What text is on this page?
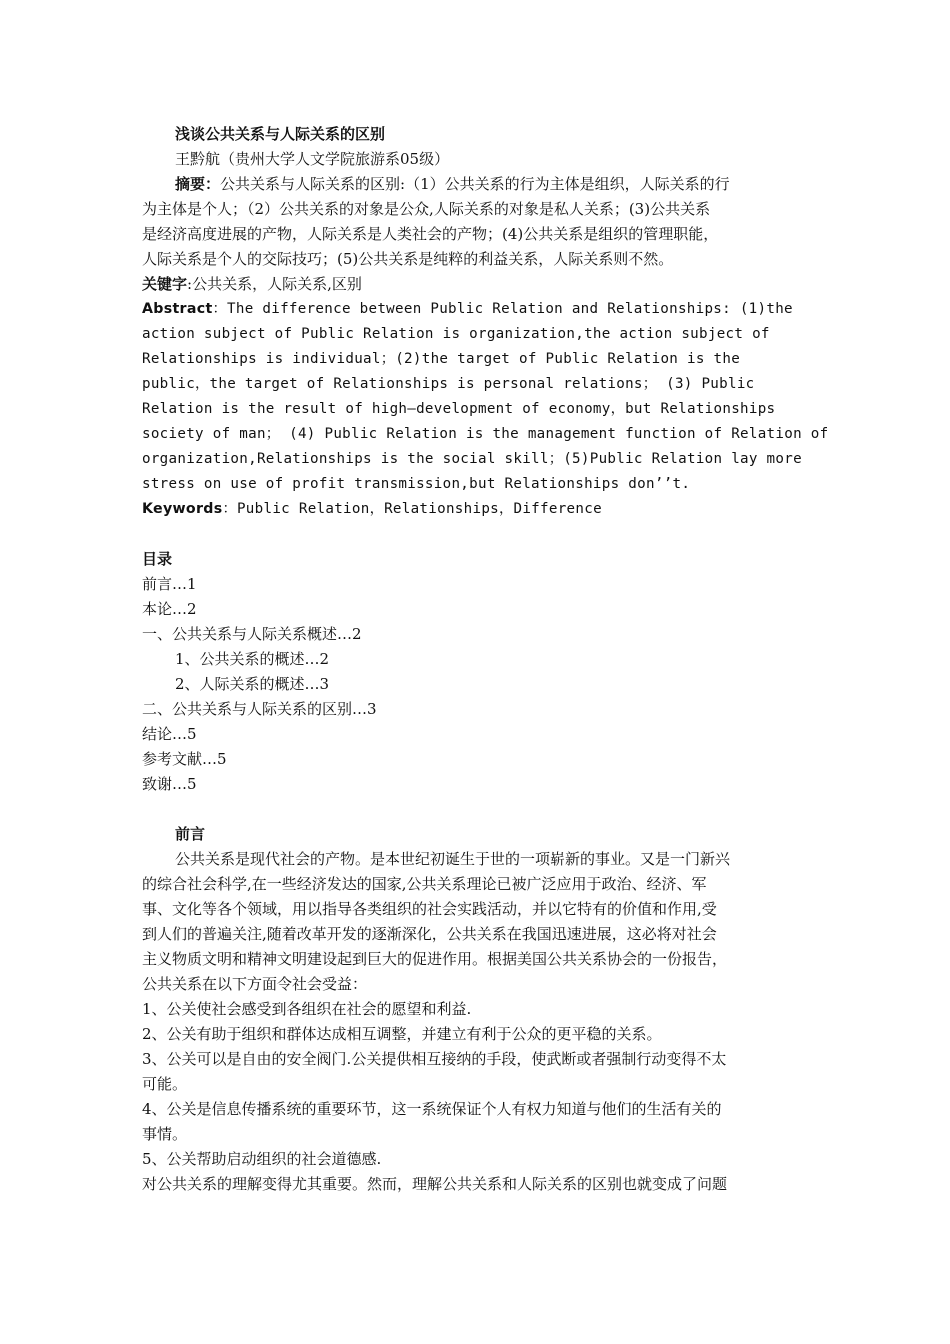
浅谈公共关系与人际关系的区别
王黔航（贵州大学人文学院旅游系05级）
摘要：公共关系与人际关系的区别:（1）公共关系的行为主体是组织，人际关系的行
为主体是个人；（2）公共关系的对象是公众,人际关系的对象是私人关系；(3)公共关系
是经济高度进展的产物，人际关系是人类社会的产物；(4)公共关系是组织的管理职能，
人际关系是个人的交际技巧；(5)公共关系是纯粹的利益关系，人际关系则不然。
关键字:公共关系，人际关系,区别
Abstract：The difference between Public Relation and Relationships: (1)the
action subject of Public Relation is organization,the action subject of
Relationships is individual；(2)the target of Public Relation is the
public，the target of Relationships is personal relations； (3) Public
Relation is the result of high—development of economy，but Relationships
society of man； (4) Public Relation is the management function of Relation of
organization,Relationships is the social skill；(5)Public Relation lay more
stress on use of profit transmission,but Relationships don’’t.
Keywords：Public Relation，Relationships，Difference
目录
前言…1
本论…2
一、公共关系与人际关系概述…2
1、公共关系的概述…2
2、人际关系的概述…3
二、公共关系与人际关系的区别…3
结论…5
参考文献…5
致谢…5
前言
公共关系是现代社会的产物。是本世纪初诞生于世的一项崭新的事业。又是一门新兴
的综合社会科学,在一些经济发达的国家,公共关系理论已被广泛应用于政治、经济、军
事、文化等各个领域，用以指导各类组织的社会实践活动，并以它特有的价值和作用,受
到人们的普遍关注,随着改革开发的逐渐深化，公共关系在我国迅速进展，这必将对社会
主义物质文明和精神文明建设起到巨大的促进作用。根据美国公共关系协会的一份报告，
公共关系在以下方面令社会受益：
1、公关使社会感受到各组织在社会的愿望和利益.
2、公关有助于组织和群体达成相互调整，并建立有利于公众的更平稳的关系。
3、公关可以是自由的安全阀门.公关提供相互接纳的手段，使武断或者强制行动变得不太
可能。
4、公关是信息传播系统的重要环节，这一系统保证个人有权力知道与他们的生活有关的
事情。
5、公关帮助启动组织的社会道德感.
对公共关系的理解变得尤其重要。然而，理解公共关系和人际关系的区别也就变成了问题
